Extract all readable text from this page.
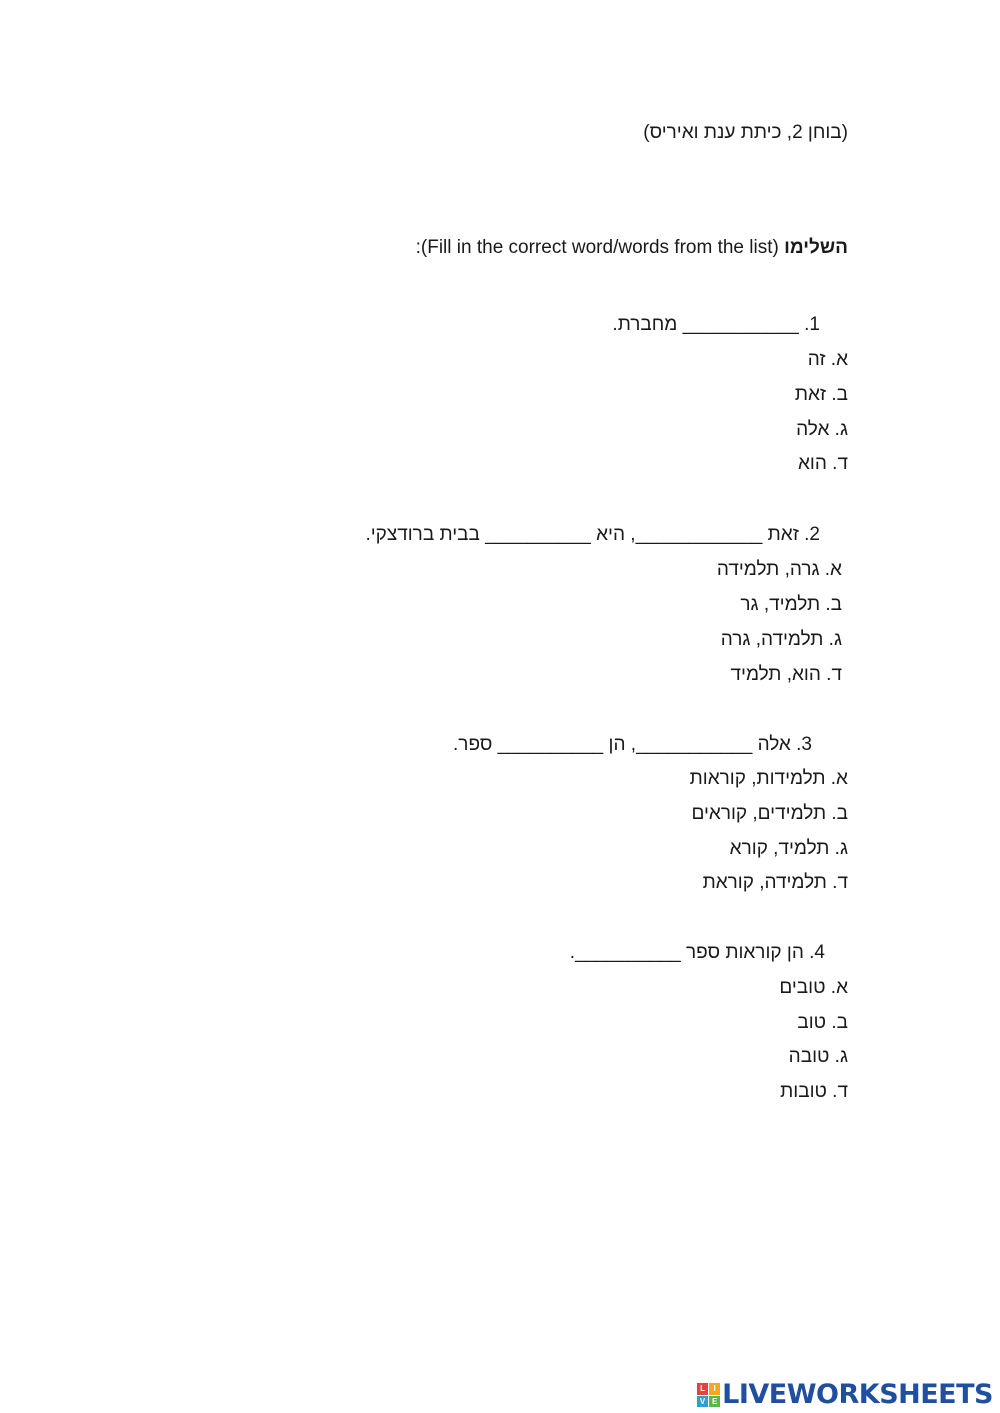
(בוחן 2, כיתת ענת ואיריס)
השלימו (Fill in the correct word/words from the list):
1. ___________ מחברת.
א. זה
ב. זאת
ג. אלה
ד. הוא
2. זאת ____________, היא __________ בבית ברודצקי.
א. גרה, תלמידה
ב. תלמיד, גר
ג. תלמידה, גרה
ד. הוא, תלמיד
3. אלה ___________, הן __________ ספר.
א. תלמידות, קוראות
ב. תלמידים, קוראים
ג. תלמיד, קורא
ד. תלמידה, קוראת
4. הן קוראות ספר __________.
א. טובים
ב. טוב
ג. טובה
ד. טובות
L	I
V E LIVEWORKSHEETS
